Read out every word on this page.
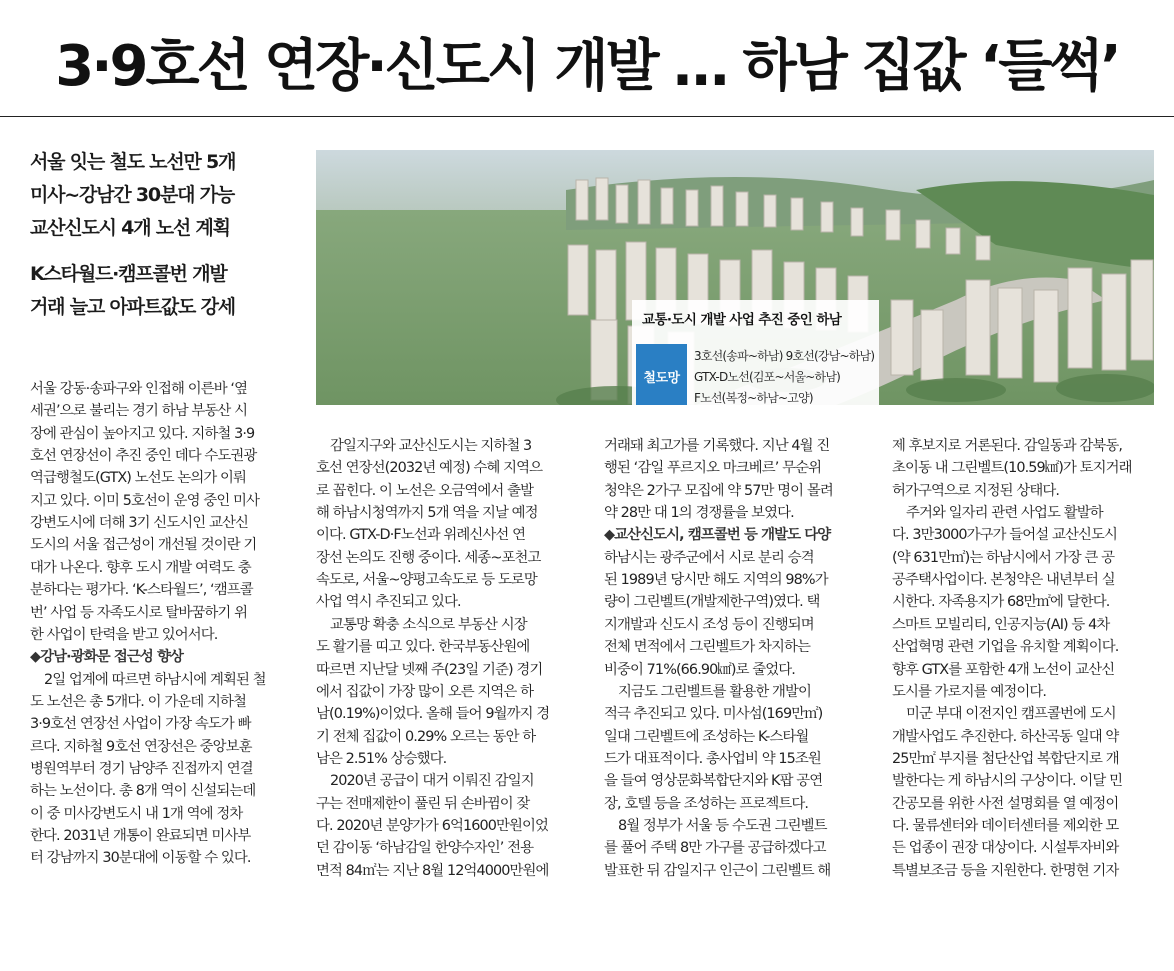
3·9호선 연장·신도시 개발 … 하남 집값 ‘들썩’

서울 잇는 철도 노선만 5개

미사~강남간 30분대 가능

교산신도시 4개 노선 계획

K스타월드·캠프콜번 개발

거래 늘고 아파트값도 강세

교통·도시 개발 사업 추진 중인 하남
철도망
3호선(송파~하남) 9호선(강남~하남)
GTX-D노선(김포~서울~하남)
F노선(복정~하남~고양)
서울 강동·송파구와 인접해 이른바 ‘옆
세권’으로 불리는 경기 하남 부동산 시
장에 관심이 높아지고 있다. 지하철 3·9
호선 연장선이 추진 중인 데다 수도권광
역급행철도(GTX) 노선도 논의가 이뤄
지고 있다. 이미 5호선이 운영 중인 미사
강변도시에 더해 3기 신도시인 교산신
도시의 서울 접근성이 개선될 것이란 기
대가 나온다. 향후 도시 개발 여력도 충
분하다는 평가다. ‘K-스타월드’, ‘캠프콜
번’ 사업 등 자족도시로 탈바꿈하기 위
한 사업이 탄력을 받고 있어서다.
◆강남·광화문 접근성 향상
2일 업계에 따르면 하남시에 계획된 철
도 노선은 총 5개다. 이 가운데 지하철
3·9호선 연장선 사업이 가장 속도가 빠
르다. 지하철 9호선 연장선은 중앙보훈
병원역부터 경기 남양주 진접까지 연결
하는 노선이다. 총 8개 역이 신설되는데
이 중 미사강변도시 내 1개 역에 정차
한다. 2031년 개통이 완료되면 미사부
터 강남까지 30분대에 이동할 수 있다.
감일지구와 교산신도시는 지하철 3
호선 연장선(2032년 예정) 수혜 지역으
로 꼽힌다. 이 노선은 오금역에서 출발
해 하남시청역까지 5개 역을 지날 예정
이다. GTX-D·F노선과 위례신사선 연
장선 논의도 진행 중이다. 세종~포천고
속도로, 서울~양평고속도로 등 도로망
사업 역시 추진되고 있다.
교통망 확충 소식으로 부동산 시장
도 활기를 띠고 있다. 한국부동산원에
따르면 지난달 넷째 주(23일 기준) 경기
에서 집값이 가장 많이 오른 지역은 하
남(0.19%)이었다. 올해 들어 9월까지 경
기 전체 집값이 0.29% 오르는 동안 하
남은 2.51% 상승했다.
2020년 공급이 대거 이뤄진 감일지
구는 전매제한이 풀린 뒤 손바뀜이 잦
다. 2020년 분양가가 6억1600만원이었
던 감이동 ‘하남감일 한양수자인’ 전용
면적 84㎡는 지난 8월 12억4000만원에
거래돼 최고가를 기록했다. 지난 4월 진
행된 ‘감일 푸르지오 마크베르’ 무순위
청약은 2가구 모집에 약 57만 명이 몰려
약 28만 대 1의 경쟁률을 보였다.
◆교산신도시, 캠프콜번 등 개발도 다양
하남시는 광주군에서 시로 분리 승격
된 1989년 당시만 해도 지역의 98%가
량이 그린벨트(개발제한구역)였다. 택
지개발과 신도시 조성 등이 진행되며
전체 면적에서 그린벨트가 차지하는
비중이 71%(66.90㎢)로 줄었다.
지금도 그린벨트를 활용한 개발이
적극 추진되고 있다. 미사섬(169만㎡)
일대 그린벨트에 조성하는 K-스타월
드가 대표적이다. 총사업비 약 15조원
을 들여 영상문화복합단지와 K팝 공연
장, 호텔 등을 조성하는 프로젝트다.
8월 정부가 서울 등 수도권 그린벨트
를 풀어 주택 8만 가구를 공급하겠다고
발표한 뒤 감일지구 인근이 그린벨트 해
제 후보지로 거론된다. 감일동과 감북동,
초이동 내 그린벨트(10.59㎢)가 토지거래
허가구역으로 지정된 상태다.
주거와 일자리 관련 사업도 활발하
다. 3만3000가구가 들어설 교산신도시
(약 631만㎡)는 하남시에서 가장 큰 공
공주택사업이다. 본청약은 내년부터 실
시한다. 자족용지가 68만㎡에 달한다.
스마트 모빌리티, 인공지능(AI) 등 4차
산업혁명 관련 기업을 유치할 계획이다.
향후 GTX를 포함한 4개 노선이 교산신
도시를 가로지를 예정이다.
미군 부대 이전지인 캠프콜번에 도시
개발사업도 추진한다. 하산곡동 일대 약
25만㎡ 부지를 첨단산업 복합단지로 개
발한다는 게 하남시의 구상이다. 이달 민
간공모를 위한 사전 설명회를 열 예정이
다. 물류센터와 데이터센터를 제외한 모
든 업종이 권장 대상이다. 시설투자비와
특별보조금 등을 지원한다. 한명현 기자
